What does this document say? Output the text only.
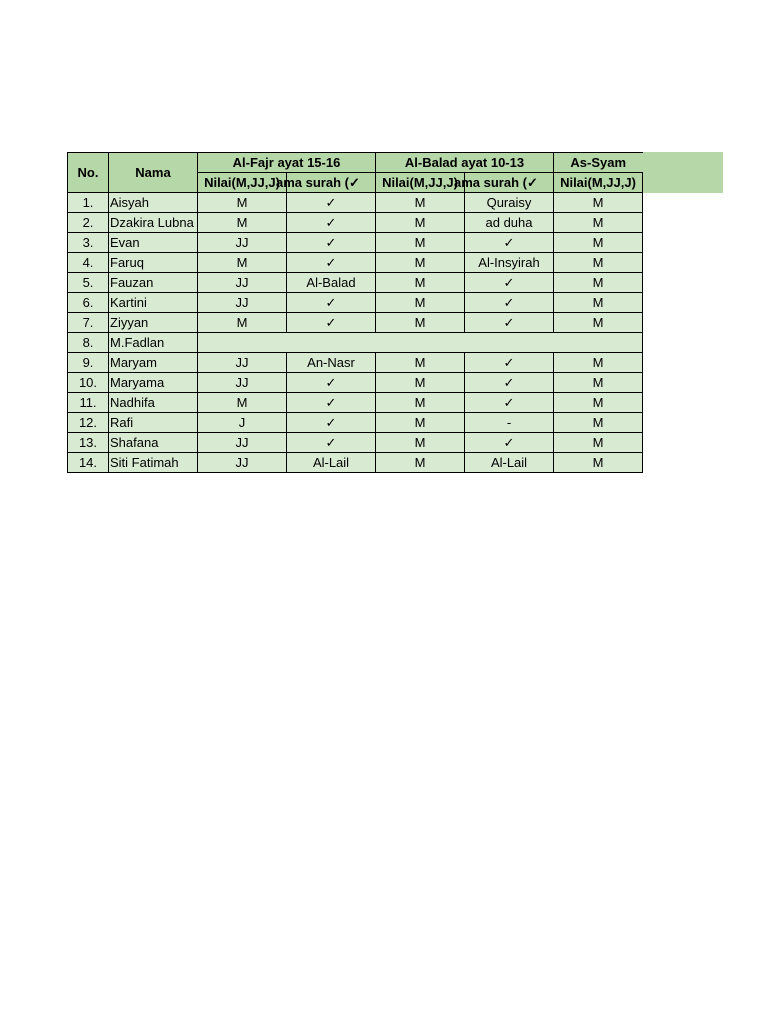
No.	Nama	Al-Fajr ayat 15-16		Al-Balad ayat 10-13		As-Syam
		Nilai(M,JJ,J)	ama surah (✓	Nilai(M,JJ,J)	ama surah (✓	Nilai(M,JJ,J)
1.	Aisyah	M	✓	M	Quraisy	M
2.	Dzakira Lubna	M	✓	M	ad duha	M
3.	Evan	JJ	✓	M	✓	M
4.	Faruq	M	✓	M	Al-Insyirah	M
5.	Fauzan	JJ	Al-Balad	M	✓	M
6.	Kartini	JJ	✓	M	✓	M
7.	Ziyyan	M	✓	M	✓	M
8.	M.Fadlan					
9.	Maryam	JJ	An-Nasr	M	✓	M
10.	Maryama	JJ	✓	M	✓	M
11.	Nadhifa	M	✓	M	✓	M
12.	Rafi	J	✓	M	-	M
13.	Shafana	JJ	✓	M	✓	M
14.	Siti Fatimah	JJ	Al-Lail	M	Al-Lail	M
